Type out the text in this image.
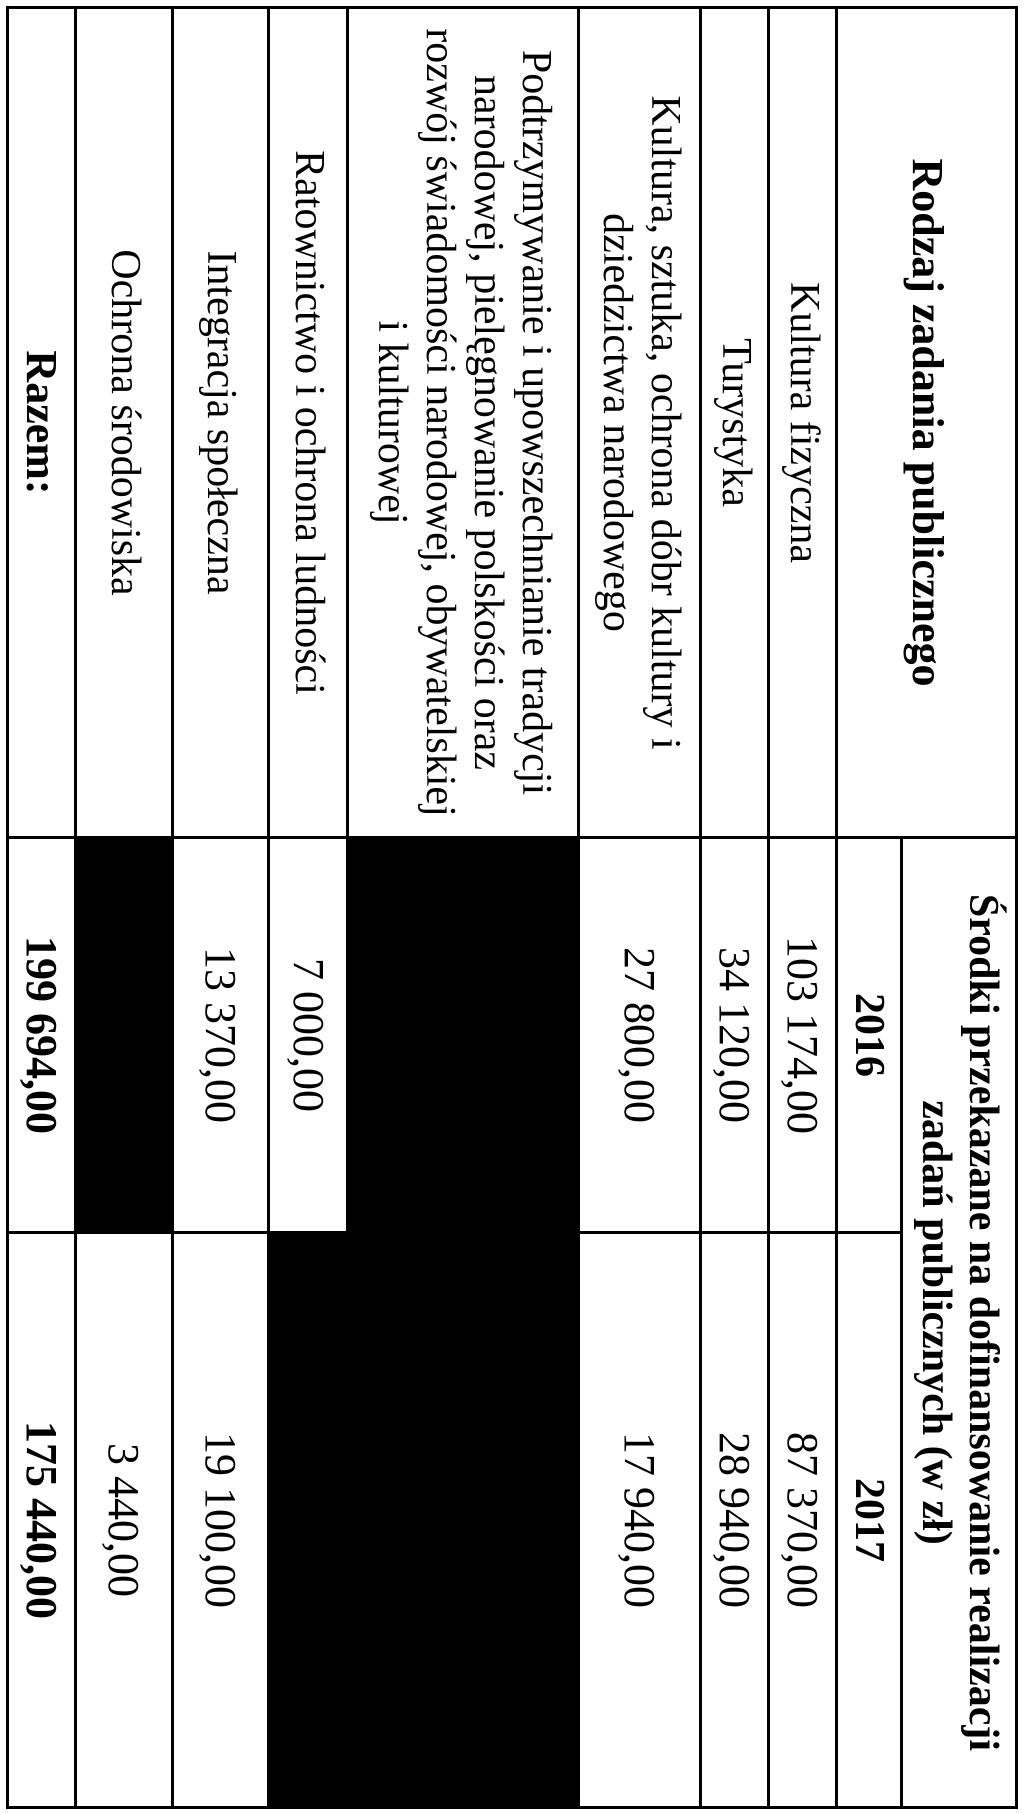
Rodzaj zadania publicznego	Środki przekazane na dofinansowanie realizacji zadań publicznych (w zł)	
	2016	2017
Kultura fizyczna	103 174,00	87 370,00
Turystyka	34 120,00	28 940,00
Kultura, sztuka, ochrona dóbr kultury i dziedzictwa narodowego	27 800,00	17 940,00
Podtrzymywanie i upowszechnianie tradycji narodowej, pielęgnowanie polskości oraz rozwój świadomości narodowej, obywatelskiej i kulturowej		
Ratownictwo i ochrona ludności	7 000,00	
Integracja społeczna	13 370,00	19 100,00
Ochrona środowiska		3 440,00
Razem:	199 694,00	175 440,00
